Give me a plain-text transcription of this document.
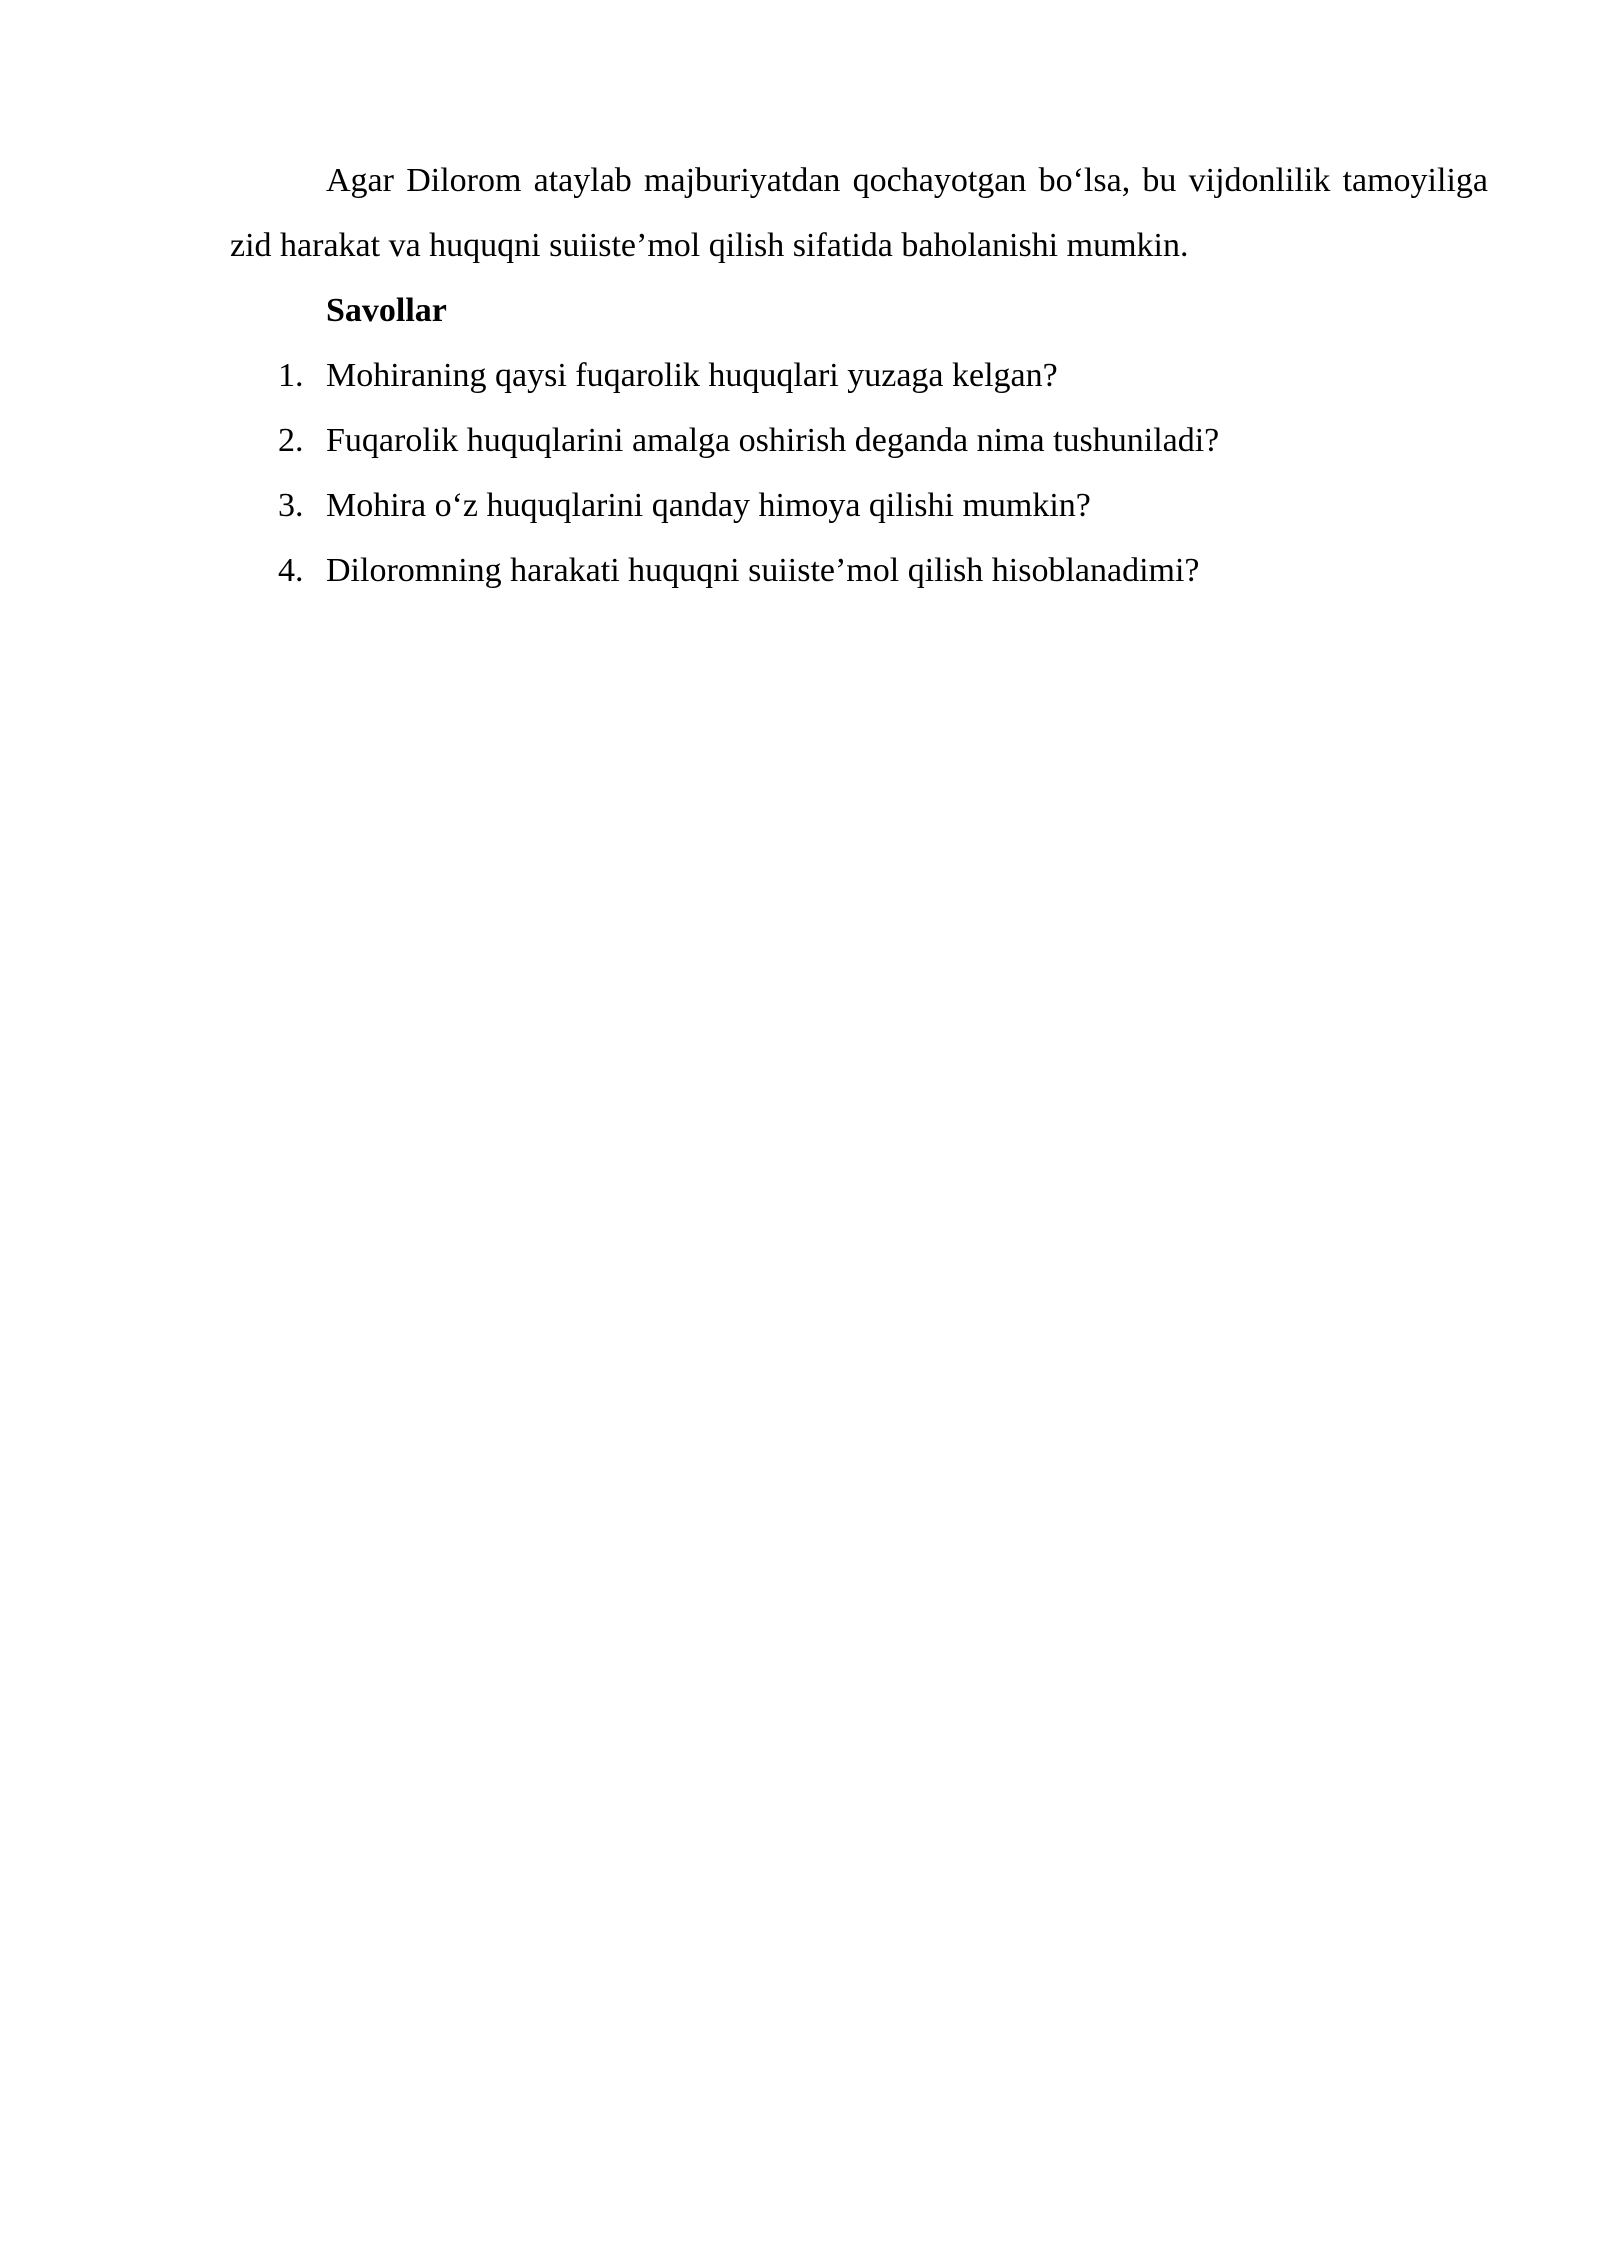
Agar Dilorom ataylab majburiyatdan qochayotgan bo‘lsa, bu vijdonlilik tamoyiliga zid harakat va huquqni suiiste’mol qilish sifatida baholanishi mumkin.

Savollar

1. Mohiraning qaysi fuqarolik huquqlari yuzaga kelgan?
2. Fuqarolik huquqlarini amalga oshirish deganda nima tushuniladi?
3. Mohira o‘z huquqlarini qanday himoya qilishi mumkin?
4. Diloromning harakati huquqni suiiste’mol qilish hisoblanadimi?
